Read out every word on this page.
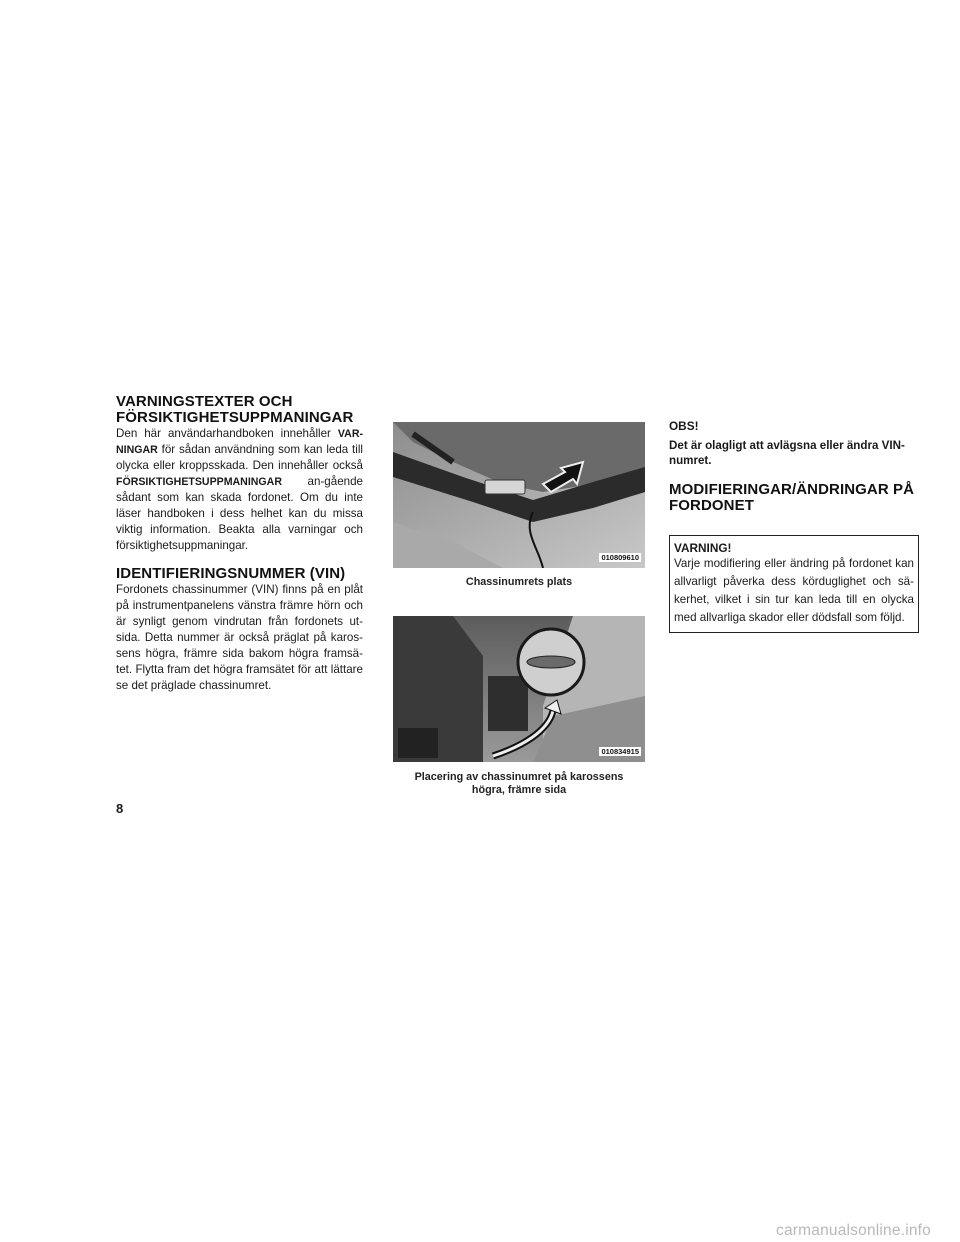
VARNINGSTEXTER OCH FÖRSIKTIGHETSUPPMANINGAR

Den här användarhandboken innehåller VAR-NINGAR för sådan användning som kan leda till olycka eller kroppsskada. Den innehåller också FÖRSIKTIGHETSUPPMANINGAR an-gående sådant som kan skada fordonet. Om du inte läser handboken i dess helhet kan du missa viktig information. Beakta alla varningar och försiktighetsuppmaningar.

IDENTIFIERINGSNUMMER (VIN)

Fordonets chassinummer (VIN) finns på en plåt på instrumentpanelens vänstra främre hörn och är synligt genom vindrutan från fordonets ut-sida. Detta nummer är också präglat på karos-sens högra, främre sida bakom högra framsä-tet. Flytta fram det högra framsätet för att lättare se det präglade chassinumret.

010809610
Chassinumrets plats
010834915
Placering av chassinumret på karossens
högra, främre sida

OBS!

Det är olagligt att avlägsna eller ändra VIN-numret.

MODIFIERINGAR/ÄNDRINGAR PÅ FORDONET

VARNING!

Varje modifiering eller ändring på fordonet kan allvarligt påverka dess körduglighet och sä-kerhet, vilket i sin tur kan leda till en olycka med allvarliga skador eller dödsfall som följd.

8
carmanualsonline.info
